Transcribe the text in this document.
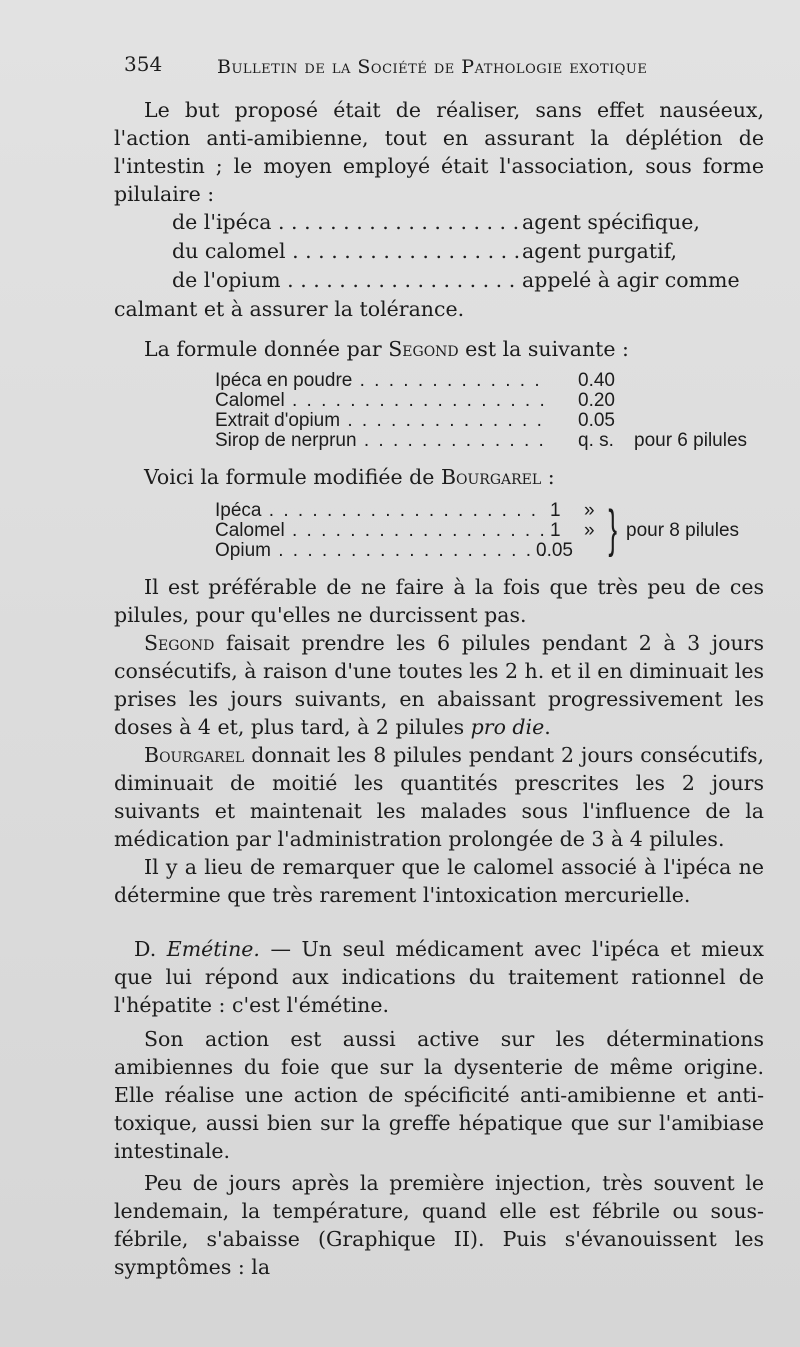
354	Bulletin de la Société de Pathologie exotique

Le but proposé était de réaliser, sans effet nauséeux, l'action anti-amibienne, tout en assurant la déplétion de l'intestin ; le moyen employé était l'association, sous forme pilulaire :

de l'ipéca . . .	agent spécifique,
du calomel . . .	agent purgatif,
de l'opium . . .	appelé à agir comme

calmant et à assurer la tolérance.

La formule donnée par Segond est la suivante :

Ipéca en poudre . . .	0.40
Calomel . . .	0.20
Extrait d'opium . . .	0.05
Sirop de nerprun . . .	q. s. pour 6 pilules

Voici la formule modifiée de Bourgarel :

Ipéca . . .	1 »
Calomel . . .	1 »
Opium . . .	0.05 } pour 8 pilules

Il est préférable de ne faire à la fois que très peu de ces pilules, pour qu'elles ne durcissent pas.

Segond faisait prendre les 6 pilules pendant 2 à 3 jours consécutifs, à raison d'une toutes les 2 h. et il en diminuait les prises les jours suivants, en abaissant progressivement les doses à 4 et, plus tard, à 2 pilules pro die.

Bourgarel donnait les 8 pilules pendant 2 jours consécutifs, diminuait de moitié les quantités prescrites les 2 jours suivants et maintenait les malades sous l'influence de la médication par l'administration prolongée de 3 à 4 pilules.

Il y a lieu de remarquer que le calomel associé à l'ipéca ne détermine que très rarement l'intoxication mercurielle.

D. Emétine. — Un seul médicament avec l'ipéca et mieux que lui répond aux indications du traitement rationnel de l'hépatite : c'est l'émétine.

Son action est aussi active sur les déterminations amibiennes du foie que sur la dysenterie de même origine. Elle réalise une action de spécificité anti-amibienne et anti-toxique, aussi bien sur la greffe hépatique que sur l'amibiase intestinale.

Peu de jours après la première injection, très souvent le lendemain, la température, quand elle est fébrile ou sous-fébrile, s'abaisse (Graphique II). Puis s'évanouissent les symptômes : la
